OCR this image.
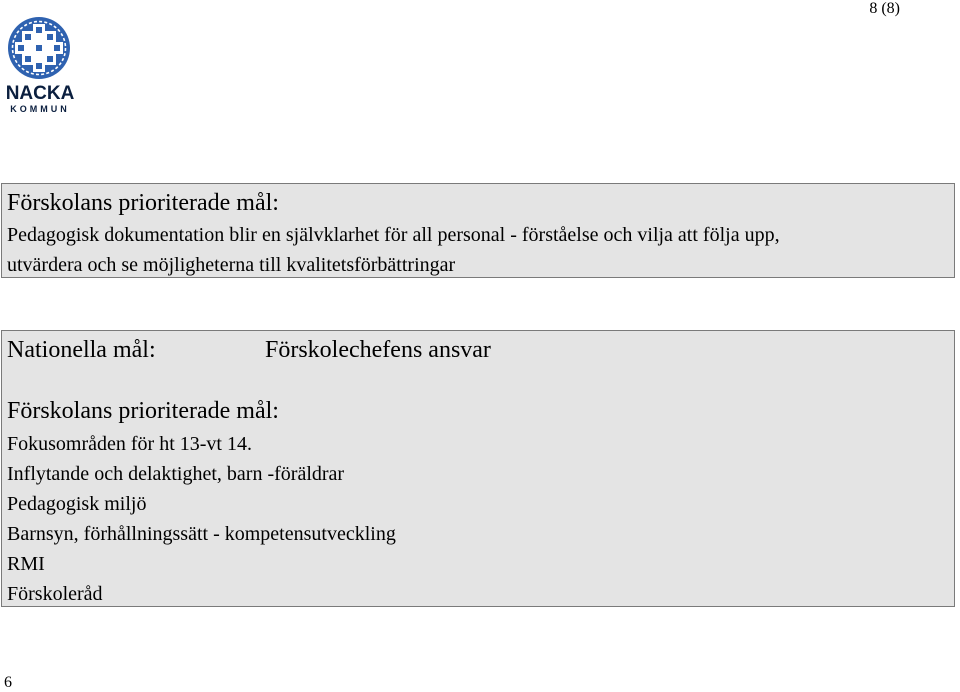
8 (8)
NACKA
KOMMUN
Förskolans prioriterade mål:
Pedagogisk dokumentation blir en självklarhet för all personal - förståelse och vilja att följa upp,
utvärdera och se möjligheterna till kvalitetsförbättringar
Nationella mål:	Förskolechefens ansvar
Förskolans prioriterade mål:
Fokusområden för ht 13-vt 14.
Inflytande och delaktighet, barn -föräldrar
Pedagogisk miljö
Barnsyn, förhållningssätt - kompetensutveckling
RMI
Förskoleråd
6
